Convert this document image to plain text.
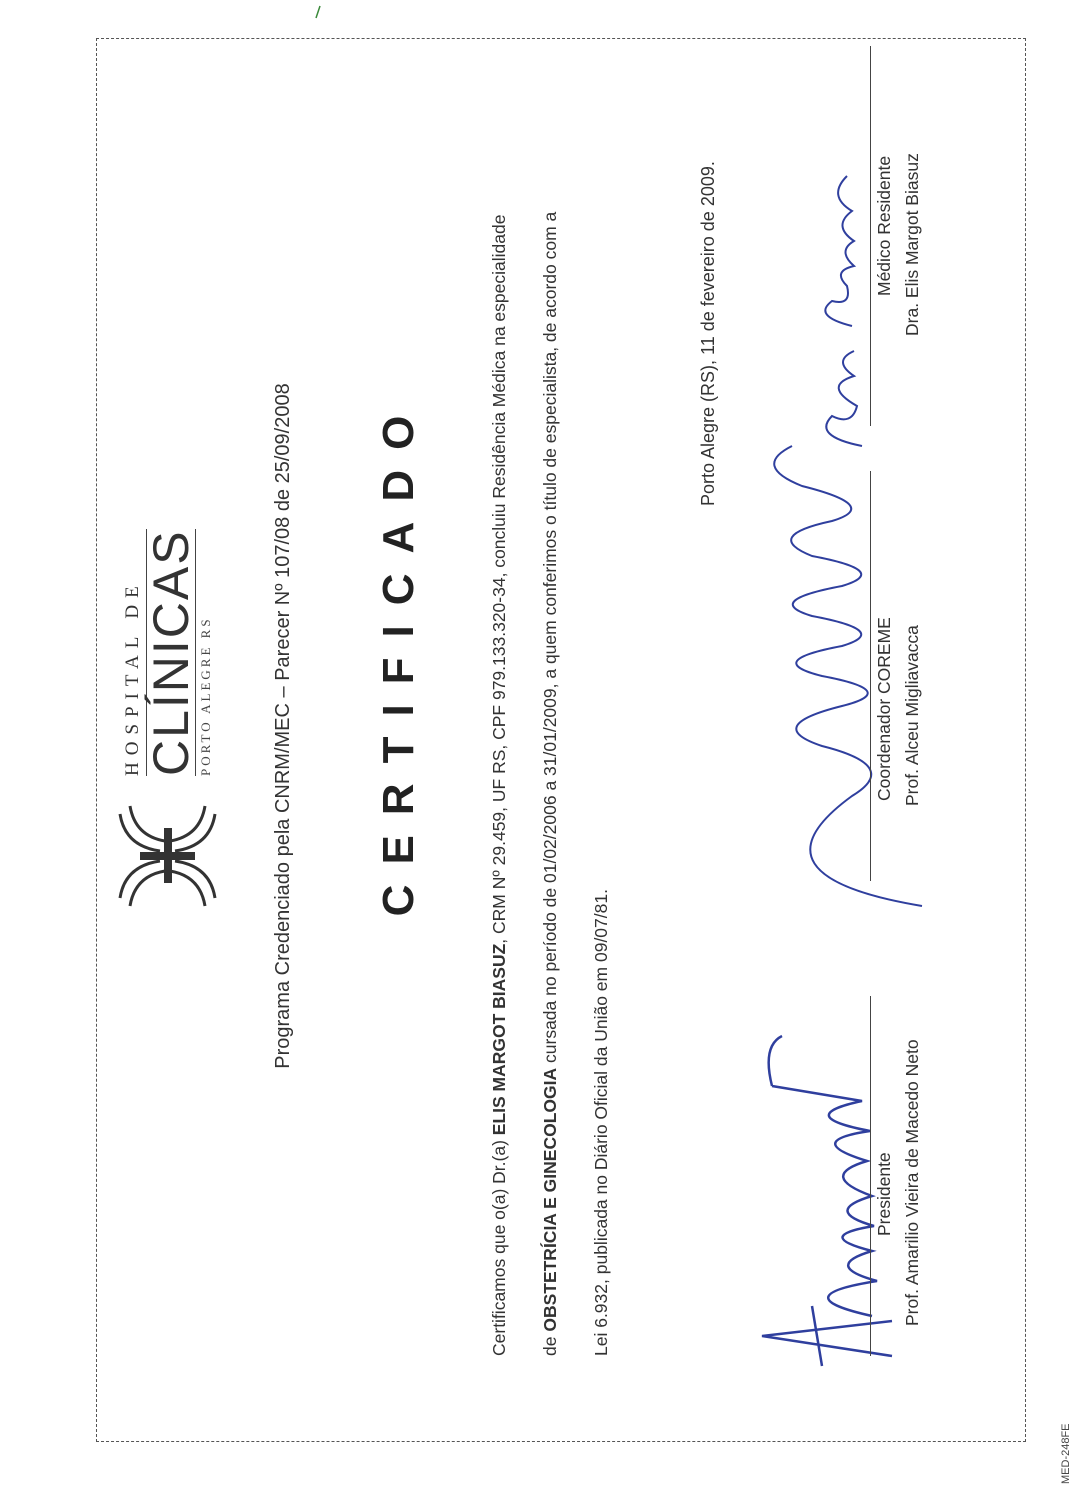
HOSPITAL DE CLÍNICAS PORTO ALEGRE RS	Programa Credenciado pela CNRM/MEC – Parecer Nº 107/08 de 25/09/2008 CERTIFICADO

Certificamos que o(a) Dr.(a) ELIS MARGOT BIASUZ, CRM Nº 29.459, UF RS, CPF 979.133.320-34, concluiu Residência Médica na especialidade

de OBSTETRÍCIA E GINECOLOGIA cursada no período de 01/02/2006 a 31/01/2009, a quem conferimos o título de especialista, de acordo com a

Lei 6.932, publicada no Diário Oficial da União em 09/07/81.

Porto Alegre (RS), 11 de fevereiro de 2009.
Presidente Prof. Amarilio Vieira de Macedo Neto
Coordenador COREME Prof. Alceu Migliavacca
Médico Residente Dra. Elis Margot Biasuz
MED-248FE
